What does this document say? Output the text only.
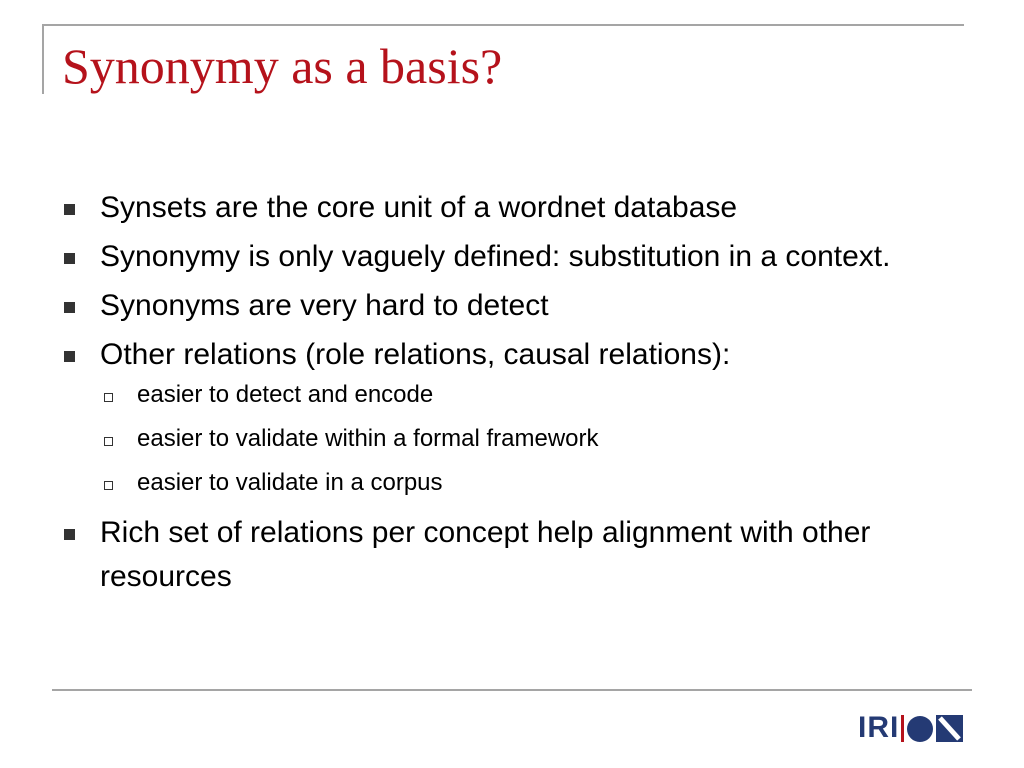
Synonymy as a basis?
Synsets are the core unit of a wordnet database
Synonymy is only vaguely defined: substitution in a context.
Synonyms are very hard to detect
Other relations (role relations, causal relations):
easier to detect and encode
easier to validate within a formal framework
easier to validate in a corpus
Rich set of relations per concept help alignment with other resources
IRI
